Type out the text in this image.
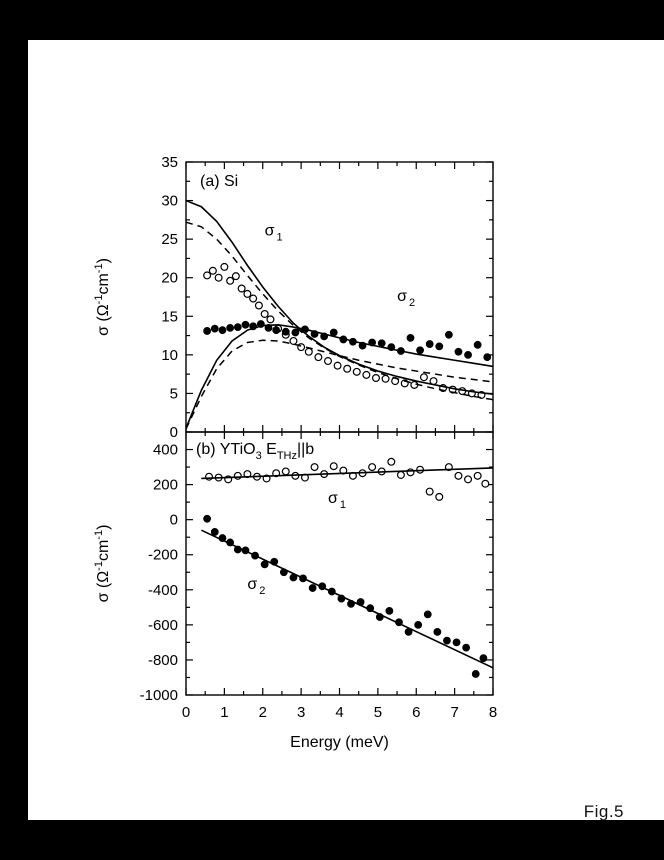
0
5
10
15
20
25
30
35
σ $_1$
σ $_2$
-1000
-800
-600
-400
-200
0
200
400
0 1 2 3 4 5 6 7 8
σ $_1$
σ $_2$
(a) Si
(b) YTiO$_3$ $E_{THz}||b$
σ $(\Omega^{-1}cm^{-1})$
σ $(\Omega^{-1}cm^{-1})$
Energy (meV)
Fig.5
